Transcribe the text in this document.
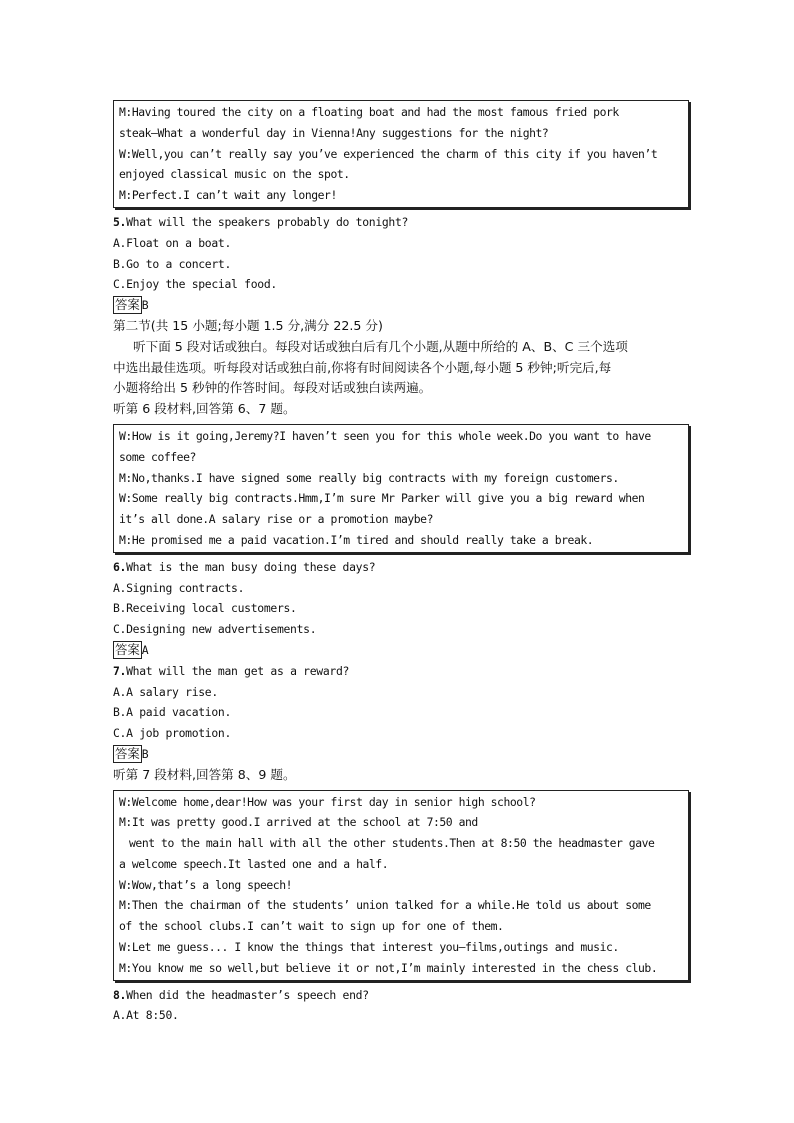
M:Having toured the city on a floating boat and had the most famous fried pork
steak—What a wonderful day in Vienna!Any suggestions for the night?
W:Well,you can’t really say you’ve experienced the charm of this city if you haven’t
enjoyed classical music on the spot.
M:Perfect.I can’t wait any longer!
5.What will the speakers probably do tonight?
A.Float on a boat.
B.Go to a concert.
C.Enjoy the special food.
答案 B
第二节(共 15 小题;每小题 1.5 分,满分 22.5 分)
听下面 5 段对话或独白。每段对话或独白后有几个小题,从题中所给的 A、B、C 三个选项
中选出最佳选项。听每段对话或独白前,你将有时间阅读各个小题,每小题 5 秒钟;听完后,每
小题将给出 5 秒钟的作答时间。每段对话或独白读两遍。
听第 6 段材料,回答第 6、7 题。
W:How is it going,Jeremy?I haven’t seen you for this whole week.Do you want to have
some coffee?
M:No,thanks.I have signed some really big contracts with my foreign customers.
W:Some really big contracts.Hmm,I’m sure Mr Parker will give you a big reward when
it’s all done.A salary rise or a promotion maybe?
M:He promised me a paid vacation.I’m tired and should really take a break.
6.What is the man busy doing these days?
A.Signing contracts.
B.Receiving local customers.
C.Designing new advertisements.
答案 A
7.What will the man get as a reward?
A.A salary rise.
B.A paid vacation.
C.A job promotion.
答案 B
听第 7 段材料,回答第 8、9 题。
W:Welcome home,dear!How was your first day in senior high school?
M:It was pretty good.I arrived at the school at 7:50 and
went to the main hall with all the other students.Then at 8:50 the headmaster gave
a welcome speech.It lasted one and a half.
W:Wow,that’s a long speech!
M:Then the chairman of the students’ union talked for a while.He told us about some
of the school clubs.I can’t wait to sign up for one of them.
W:Let me guess... I know the things that interest you—films,outings and music.
M:You know me so well,but believe it or not,I’m mainly interested in the chess club.
8.When did the headmaster’s speech end?
A.At 8:50.
